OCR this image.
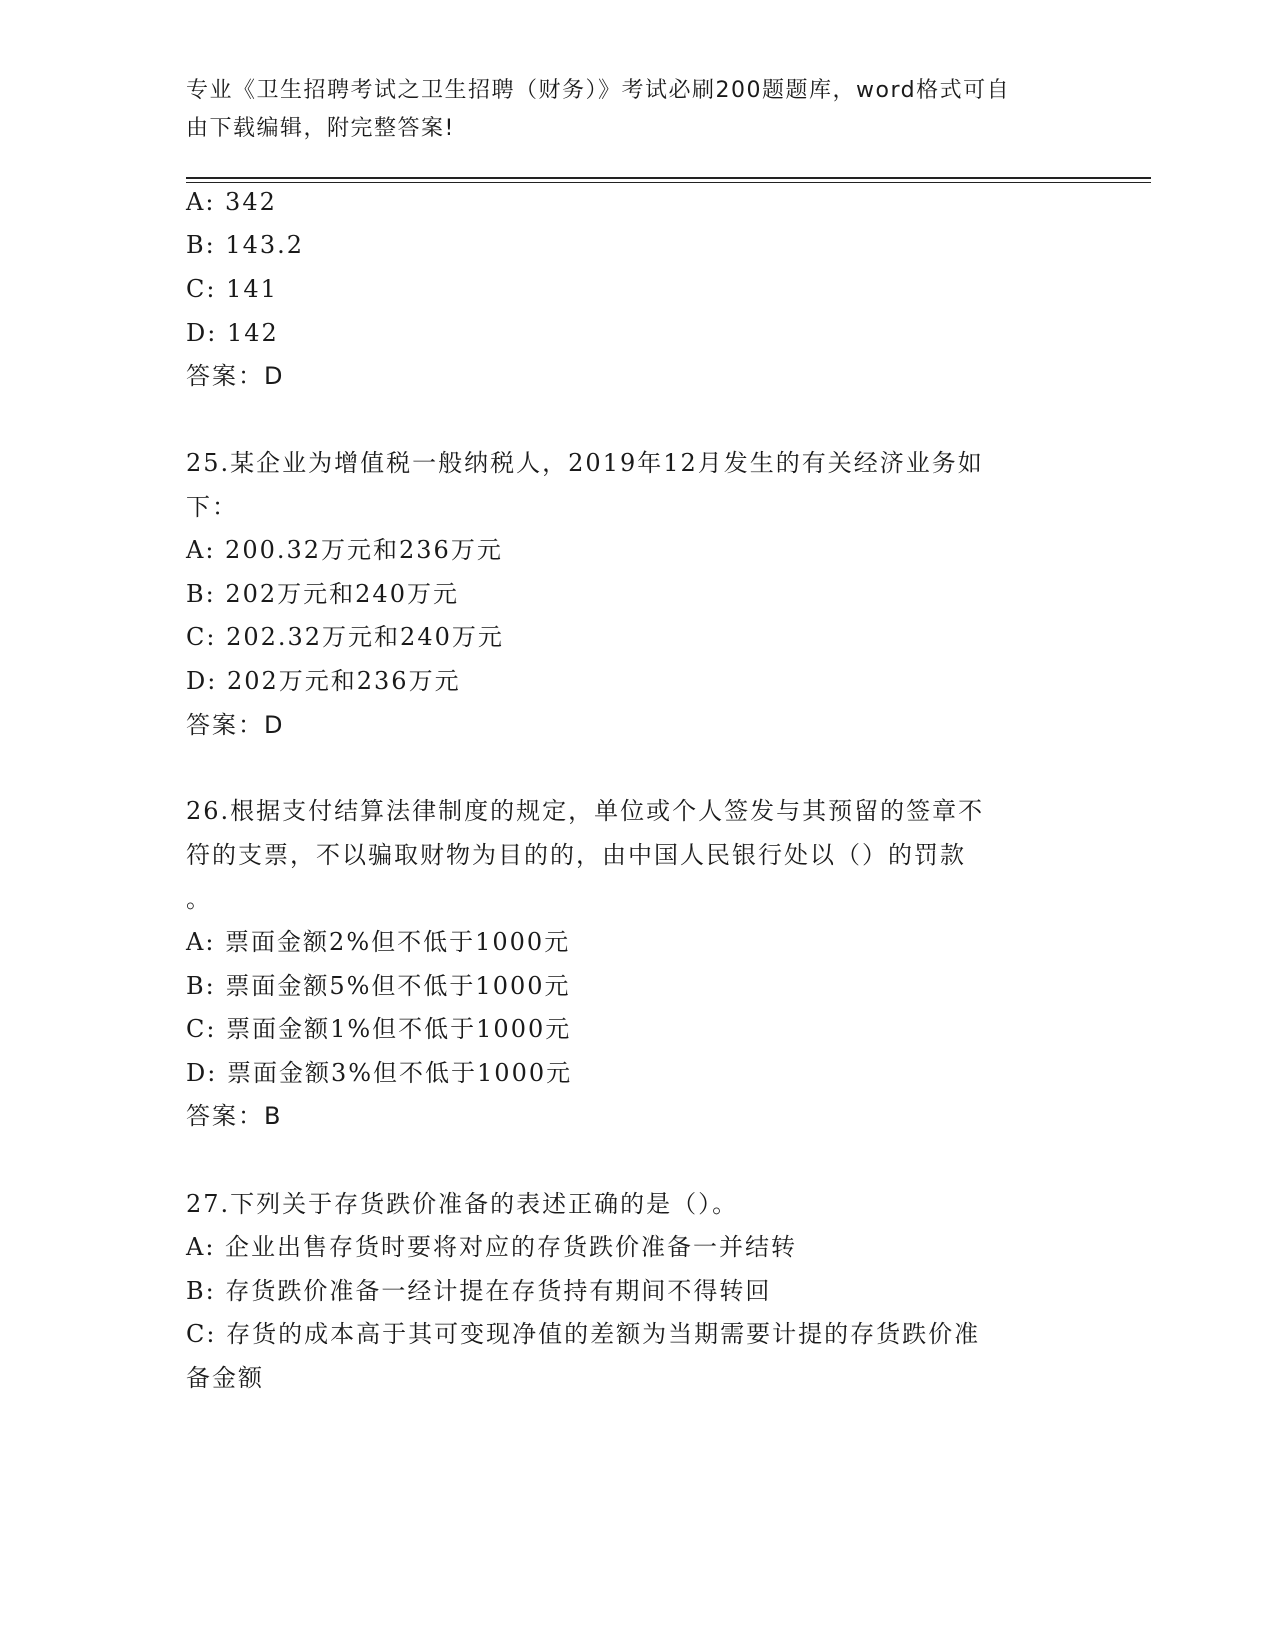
专业《卫生招聘考试之卫生招聘（财务）》考试必刷200题题库，word格式可自
由下载编辑，附完整答案!
A: 342
B: 143.2
C: 141
D: 142
答案：D
25.某企业为增值税一般纳税人，2019年12月发生的有关经济业务如
下：
A: 200.32万元和236万元
B: 202万元和240万元
C: 202.32万元和240万元
D: 202万元和236万元
答案：D
26.根据支付结算法律制度的规定，单位或个人签发与其预留的签章不
符的支票，不以骗取财物为目的的，由中国人民银行处以（）的罚款
。
A: 票面金额2%但不低于1000元
B: 票面金额5%但不低于1000元
C: 票面金额1%但不低于1000元
D: 票面金额3%但不低于1000元
答案：B
27.下列关于存货跌价准备的表述正确的是（）。
A: 企业出售存货时要将对应的存货跌价准备一并结转
B: 存货跌价准备一经计提在存货持有期间不得转回
C: 存货的成本高于其可变现净值的差额为当期需要计提的存货跌价准
备金额
